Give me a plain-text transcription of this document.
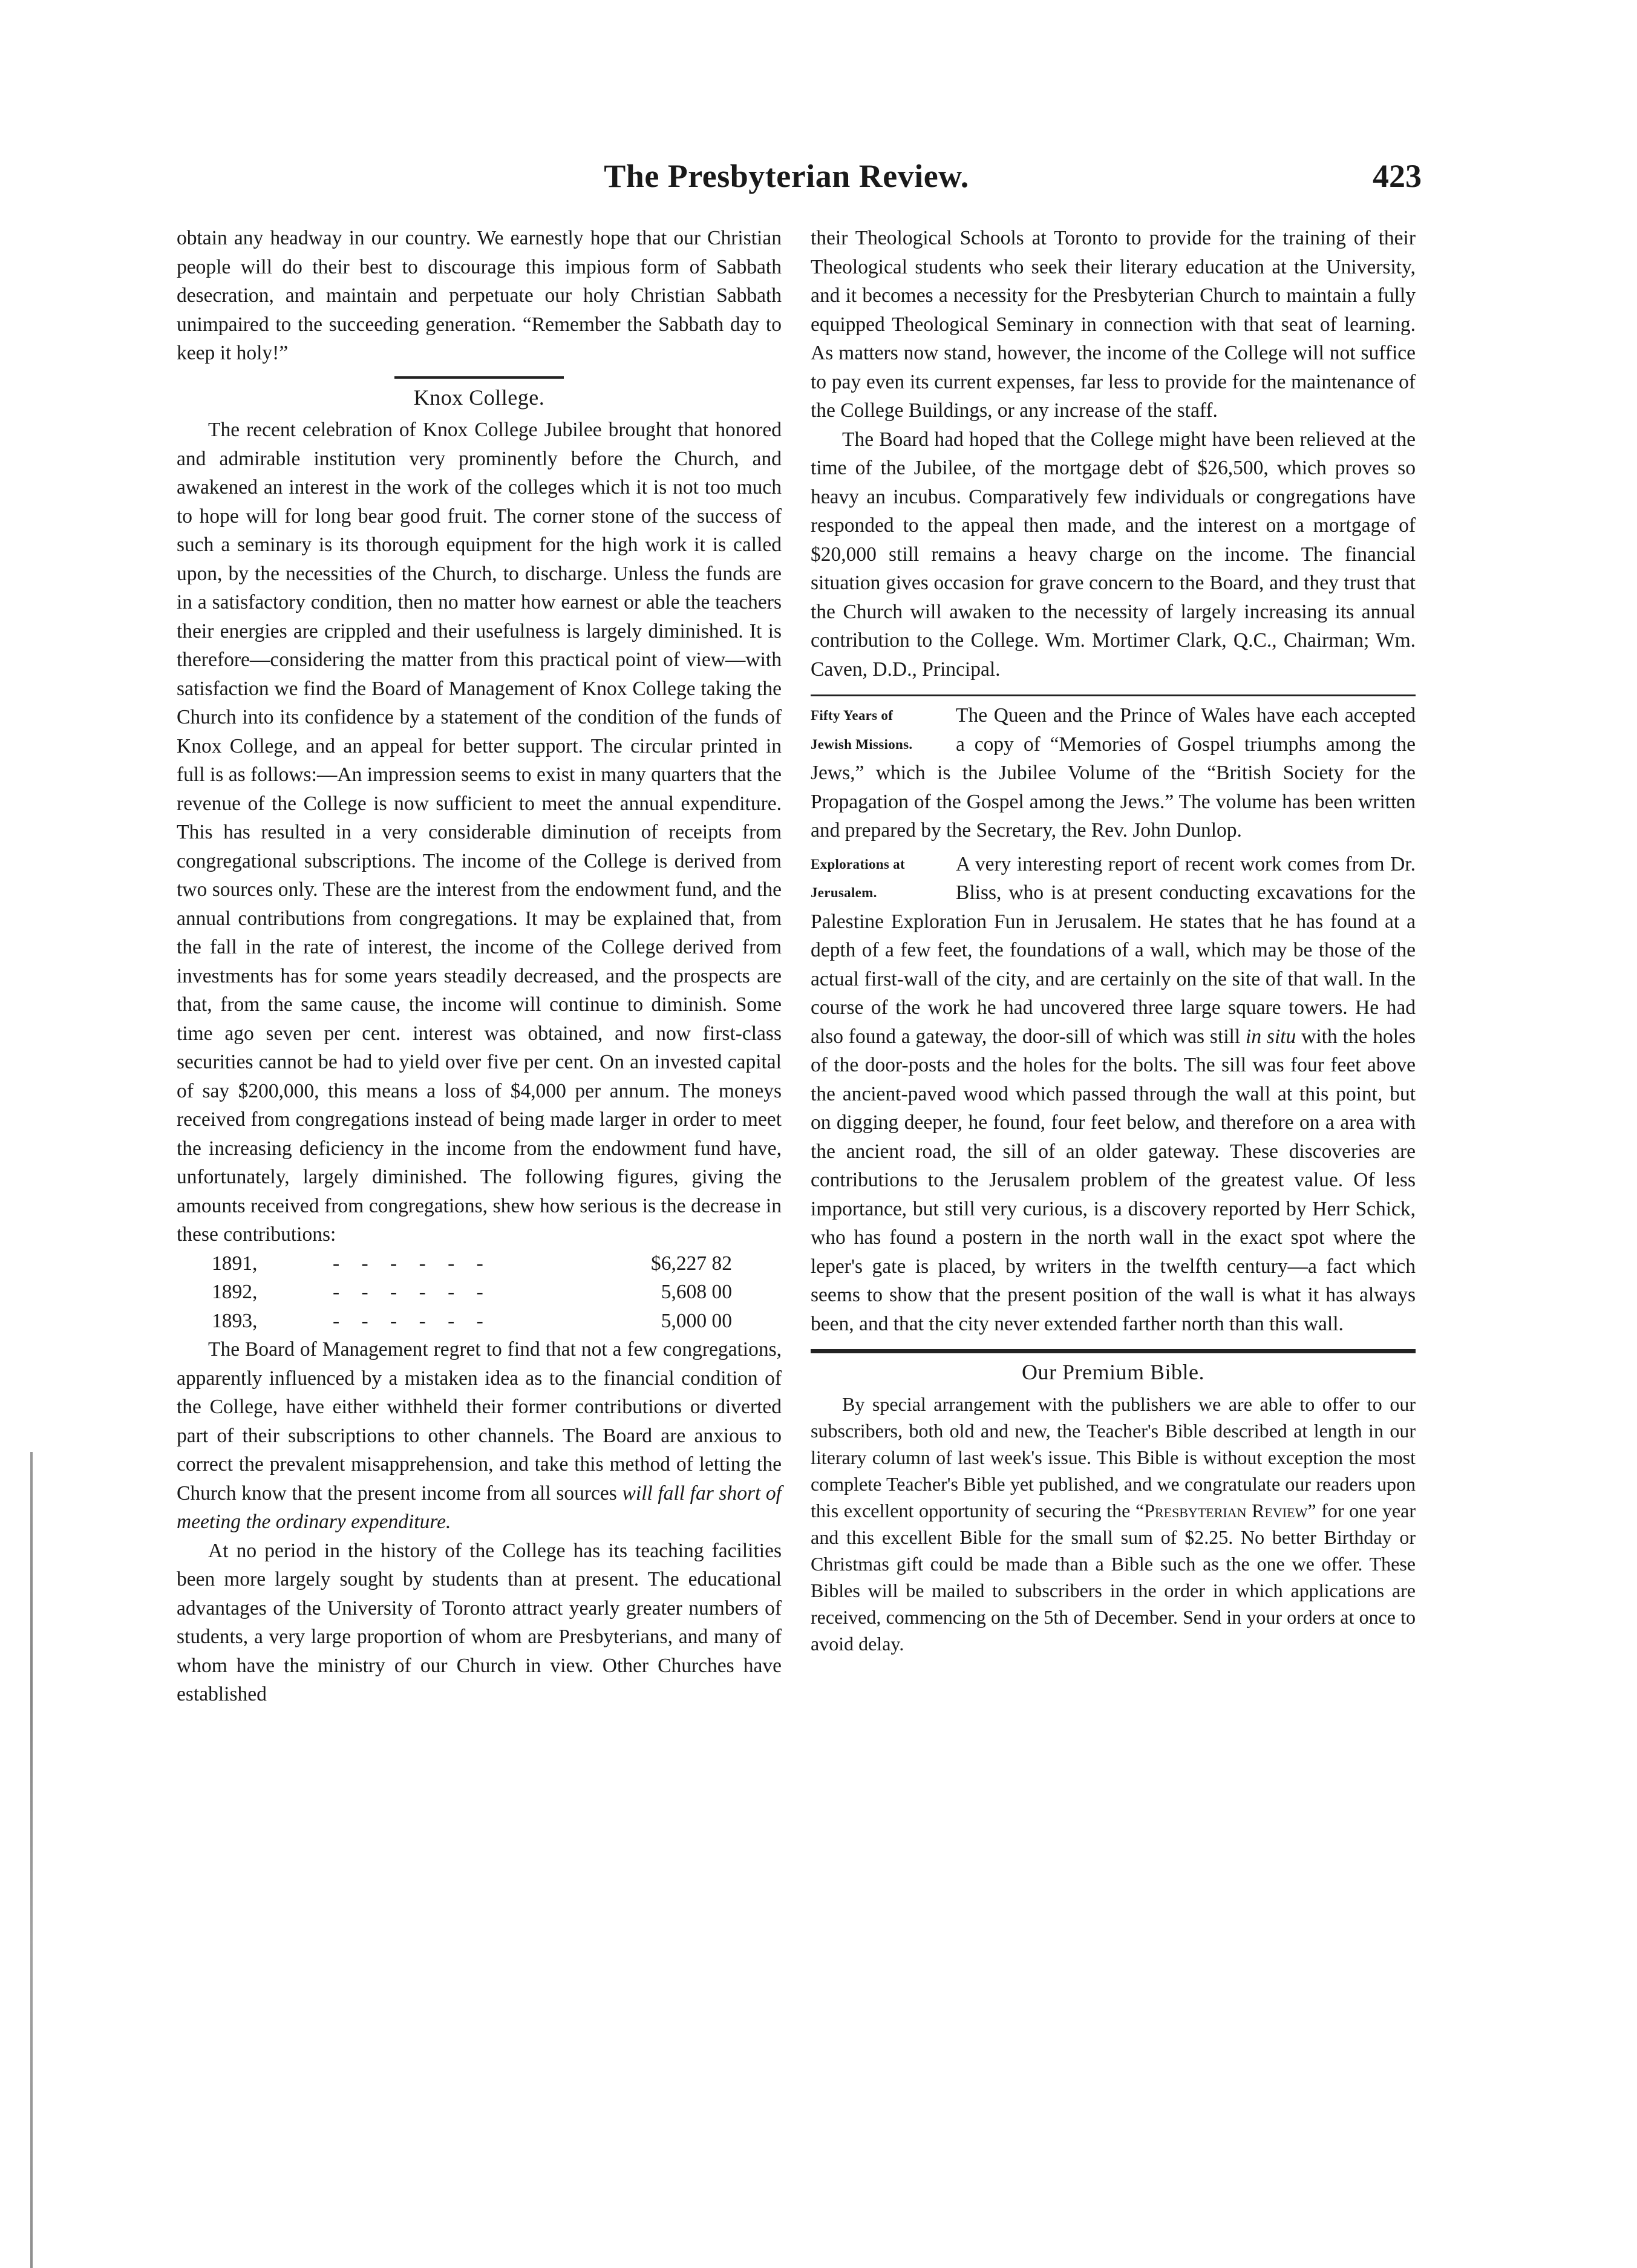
The Presbyterian Review.	423

obtain any headway in our country. We earnestly hope that our Christian people will do their best to discourage this impious form of Sabbath desecration, and maintain and perpetuate our holy Christian Sabbath unimpaired to the succeeding generation. “Remember the Sabbath day to keep it holy!”

Knox College.

The recent celebration of Knox College Jubilee brought that honored and admirable institution very prominently before the Church, and awakened an interest in the work of the colleges which it is not too much to hope will for long bear good fruit. The corner stone of the success of such a seminary is its thorough equipment for the high work it is called upon, by the necessities of the Church, to discharge. Unless the funds are in a satisfactory condition, then no matter how earnest or able the teachers their energies are crippled and their usefulness is largely diminished. It is therefore—considering the matter from this practical point of view—with satisfaction we find the Board of Management of Knox College taking the Church into its confidence by a statement of the condition of the funds of Knox College, and an appeal for better support. The circular printed in full is as follows:—An impression seems to exist in many quarters that the revenue of the College is now sufficient to meet the annual expenditure. This has resulted in a very considerable diminution of receipts from congregational subscriptions. The income of the College is derived from two sources only. These are the interest from the endowment fund, and the annual contributions from congregations. It may be explained that, from the fall in the rate of interest, the income of the College derived from investments has for some years steadily decreased, and the prospects are that, from the same cause, the income will continue to diminish. Some time ago seven per cent. interest was obtained, and now first-class securities cannot be had to yield over five per cent. On an invested capital of say $200,000, this means a loss of $4,000 per annum. The moneys received from congregations instead of being made larger in order to meet the increasing deficiency in the income from the endowment fund have, unfortunately, largely diminished. The following figures, giving the amounts received from congregations, shew how serious is the decrease in these contributions:

1891,	- - - - - -	$6,227 82
1892,	- - - - - -	5,608 00
1893,	- - - - - -	5,000 00

The Board of Management regret to find that not a few congregations, apparently influenced by a mistaken idea as to the financial condition of the College, have either withheld their former contributions or diverted part of their subscriptions to other channels. The Board are anxious to correct the prevalent misapprehension, and take this method of letting the Church know that the present income from all sources will fall far short of meeting the ordinary expenditure.

At no period in the history of the College has its teaching facilities been more largely sought by students than at present. The educational advantages of the University of Toronto attract yearly greater numbers of students, a very large proportion of whom are Presbyterians, and many of whom have the ministry of our Church in view. Other Churches have established

their Theological Schools at Toronto to provide for the training of their Theological students who seek their literary education at the University, and it becomes a necessity for the Presbyterian Church to maintain a fully equipped Theological Seminary in connection with that seat of learning. As matters now stand, however, the income of the College will not suffice to pay even its current expenses, far less to provide for the maintenance of the College Buildings, or any increase of the staff.

The Board had hoped that the College might have been relieved at the time of the Jubilee, of the mortgage debt of $26,500, which proves so heavy an incubus. Comparatively few individuals or congregations have responded to the appeal then made, and the interest on a mortgage of $20,000 still remains a heavy charge on the income. The financial situation gives occasion for grave concern to the Board, and they trust that the Church will awaken to the necessity of largely increasing its annual contribution to the College. Wm. Mortimer Clark, Q.C., Chairman; Wm. Caven, D.D., Principal.

Fifty Years of
Jewish Missions.

The Queen and the Prince of Wales have each accepted a copy of “Memories of Gospel triumphs among the Jews,” which is the Jubilee Volume of the “British Society for the Propagation of the Gospel among the Jews.” The volume has been written and prepared by the Secretary, the Rev. John Dunlop.

Explorations at
Jerusalem.

A very interesting report of recent work comes from Dr. Bliss, who is at present conducting excavations for the Palestine Exploration Fun in Jerusalem. He states that he has found at a depth of a few feet, the foundations of a wall, which may be those of the actual first-wall of the city, and are certainly on the site of that wall. In the course of the work he had uncovered three large square towers. He had also found a gateway, the door-sill of which was still in situ with the holes of the door-posts and the holes for the bolts. The sill was four feet above the ancient-paved wood which passed through the wall at this point, but on digging deeper, he found, four feet below, and therefore on a area with the ancient road, the sill of an older gateway. These discoveries are contributions to the Jerusalem problem of the greatest value. Of less importance, but still very curious, is a discovery reported by Herr Schick, who has found a postern in the north wall in the exact spot where the leper's gate is placed, by writers in the twelfth century—a fact which seems to show that the present position of the wall is what it has always been, and that the city never extended farther north than this wall.

Our Premium Bible.

By special arrangement with the publishers we are able to offer to our subscribers, both old and new, the Teacher's Bible described at length in our literary column of last week's issue. This Bible is without exception the most complete Teacher's Bible yet published, and we congratulate our readers upon this excellent opportunity of securing the “Presbyterian Review” for one year and this excellent Bible for the small sum of $2.25. No better Birthday or Christmas gift could be made than a Bible such as the one we offer. These Bibles will be mailed to subscribers in the order in which applications are received, commencing on the 5th of December. Send in your orders at once to avoid delay.
